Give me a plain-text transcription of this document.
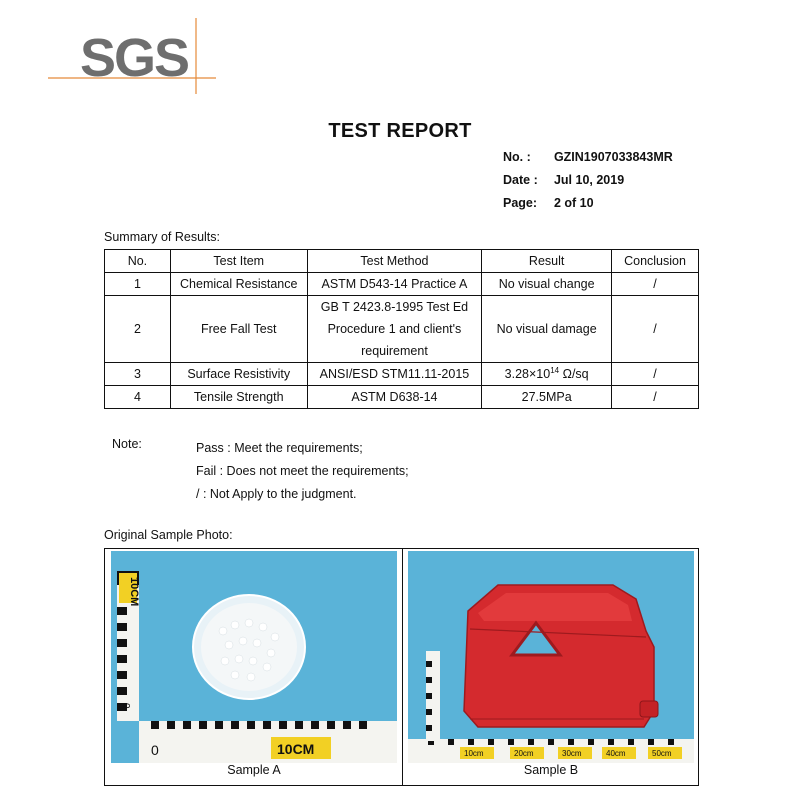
SGS
TEST REPORT
No. : GZIN1907033843MR
Date : Jul 10, 2019
Page: 2 of 10
Summary of Results:
No.	Test Item	Test Method	Result	Conclusion
1	Chemical Resistance	ASTM D543-14 Practice A	No visual change	/
2	Free Fall Test	GB T 2423.8-1995 Test Ed
Procedure 1 and client's
requirement	No visual damage	/
3	Surface Resistivity	ANSI/ESD STM11.11-2015	$3.28\times 10^{14}$ Ω/sq	/
4	Tensile Strength	ASTM D638-14	27.5MPa	/
Note:	Pass : Meet the requirements;
Fail : Does not meet the requirements;
/ : Not Apply to the judgment.
Original Sample Photo:
10CM
0
0	10CM	10cm	20cm	30cm	40cm	50cm
Sample A	Sample B
